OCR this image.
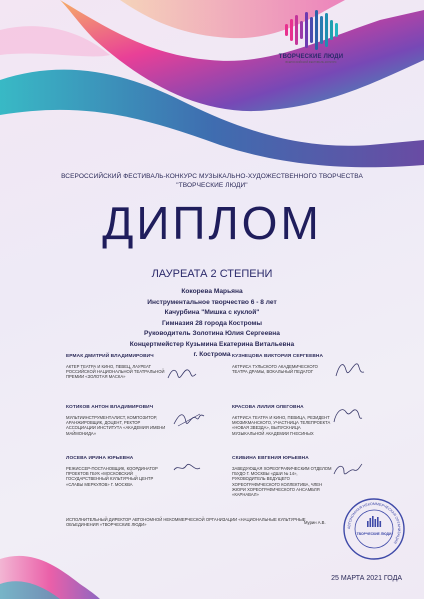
ТВОРЧЕСКИЕ ЛЮДИ
ВСЕРОССИЙСКИЙ ФЕСТИВАЛЬ-КОНКУРС
ВСЕРОССИЙСКИЙ ФЕСТИВАЛЬ-КОНКУРС МУЗЫКАЛЬНО-ХУДОЖЕСТВЕННОГО ТВОРЧЕСТВА
"ТВОРЧЕСКИЕ ЛЮДИ"
ДИПЛОМ
ЛАУРЕАТА 2 СТЕПЕНИ
Кокорева Марьяна
Инструментальное творчество 6 - 8 лет
Качурбина "Мишка с куклой"
Гимназия 28 города Костромы
Руководитель Золотина Юлия Сергеевна
Концертмейстер Кузьмина Екатерина Витальевна
г. Кострома
ЕРМАК ДМИТРИЙ ВЛАДИМИРОВИЧ
АКТЕР ТЕАТРА И КИНО, ПЕВЕЦ, ЛАУРЕАТ РОССИЙСКОЙ НАЦИОНАЛЬНОЙ ТЕАТРАЛЬНОЙ ПРЕМИИ «ЗОЛОТАЯ МАСКА»
КУЗНЕЦОВА ВИКТОРИЯ СЕРГЕЕВНА
АКТРИСА ТУЛЬСКОГО АКАДЕМИЧЕСКОГО ТЕАТРА ДРАМЫ, ВОКАЛЬНЫЙ ПЕДАГОГ
КОТИКОВ АНТОН ВЛАДИМИРОВИЧ
МУЛЬТИИНСТРУМЕНТАЛИСТ, КОМПОЗИТОР, АРАНЖИРОВЩИК, ДОЦЕНТ, РЕКТОР АССОЦИАЦИИ ИНСТИТУТА «АКАДЕМИЯ ИМЕНИ МАЙМОНИДА»
КРАСОВА ЛИЛИЯ ОЛЕГОВНА
АКТРИСА ТЕАТРА И КИНО, ПЕВИЦА, РЕЗИДЕНТ МЮЗИКМАНСКОГО, УЧАСТНИЦА ТЕЛЕПРОЕКТА «НОВАЯ ЗВЕЗДА», ВЫПУСКНИЦА МУЗЫКАЛЬНОЙ АКАДЕМИИ ГНЕСИНЫХ
ЛОСЕВА ИРИНА ЮРЬЕВНА
РЕЖИССЕР-ПОСТАНОВЩИК, КООРДИНАТОР ПРОЕКТОВ ГБУК «МОСКОВСКИЙ ГОСУДАРСТВЕННЫЙ КУЛЬТУРНЫЙ ЦЕНТР «СЛАВЫ МЕРКУЛОВ» Г. МОСКВА
СКИБИНА ЕВГЕНИЯ ЮРЬЕВНА
ЗАВЕДУЮЩАЯ ХОРЕОГРАФИЧЕСКИМ ОТДЕЛОМ ГБУДО Г. МОСКВЫ «ДШИ № 14», РУКОВОДИТЕЛЬ ВЕДУЩЕГО ХОРЕОГРАФИЧЕСКОГО КОЛЛЕКТИВА, ЧЛЕН ЖЮРИ ХОРЕОГРАФИЧЕСКОГО АНСАМБЛЯ «КАРНАВАЛ»
ИСПОЛНИТЕЛЬНЫЙ ДИРЕКТОР АВТОНОМНОЙ НЕКОММЕРЧЕСКОЙ ОРГАНИЗАЦИИ «НАЦИОНАЛЬНЫЕ КУЛЬТУРНЫЕ ОБЪЕДИНЕНИЯ «ТВОРЧЕСКИЕ ЛЮДИ»	Мурин А.В.
АВТОНОМНАЯ НЕКОММЕРЧЕСКАЯ ОРГАНИЗАЦИЯ
ТВОРЧЕСКИЕ ЛЮДИ
25 МАРТА 2021 ГОДА
